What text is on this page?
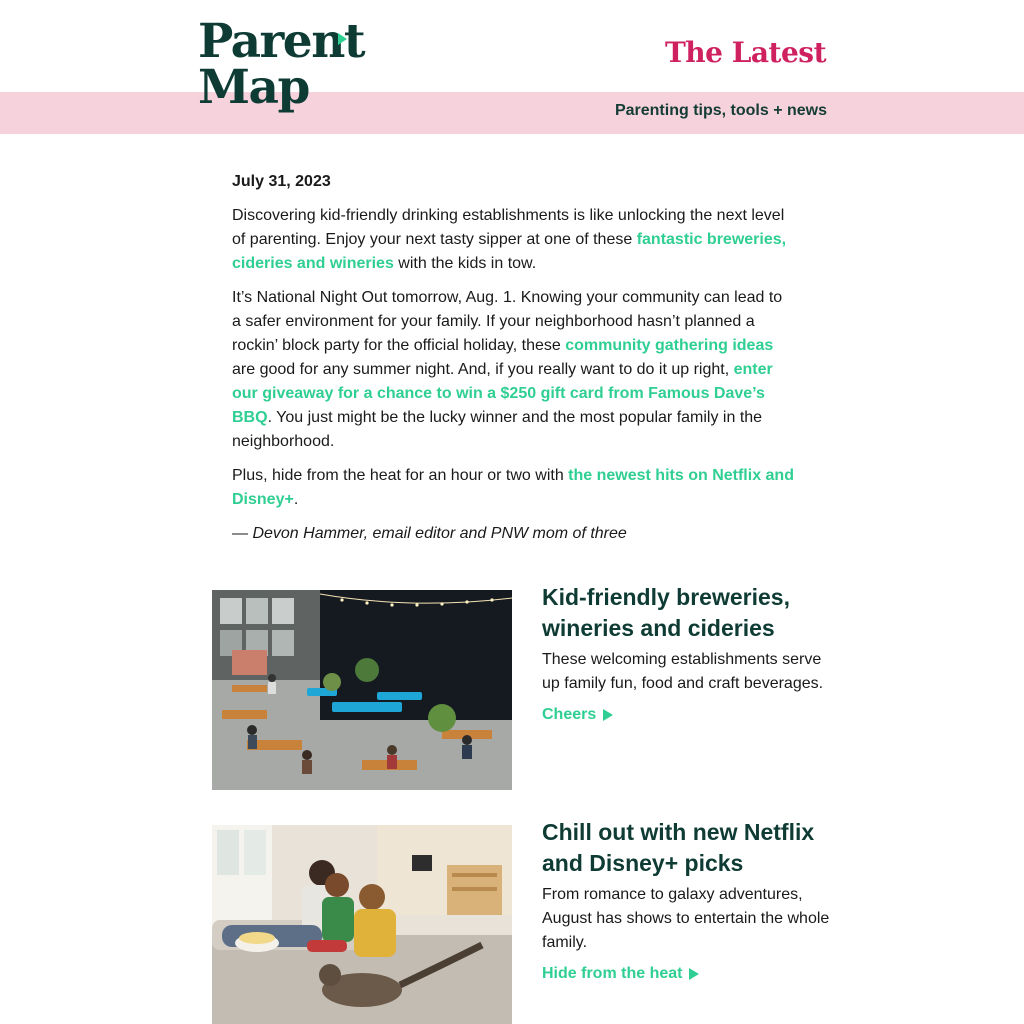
Parent
Map
The Latest
Parenting tips, tools + news
July 31, 2023

Discovering kid-friendly drinking establishments is like unlocking the next level of parenting. Enjoy your next tasty sipper at one of these fantastic breweries, cideries and wineries with the kids in tow.

It’s National Night Out tomorrow, Aug. 1. Knowing your community can lead to a safer environment for your family. If your neighborhood hasn’t planned a rockin’ block party for the official holiday, these community gathering ideas are good for any summer night. And, if you really want to do it up right, enter our giveaway for a chance to win a $250 gift card from Famous Dave’s BBQ. You just might be the lucky winner and the most popular family in the neighborhood.

Plus, hide from the heat for an hour or two with the newest hits on Netflix and Disney+.

— Devon Hammer, email editor and PNW mom of three

Kid-friendly breweries, wineries and cideries
These welcoming establishments serve up family fun, food and craft beverages.
Cheers
Chill out with new Netflix and Disney+ picks
From romance to galaxy adventures, August has shows to entertain the whole family.
Hide from the heat
